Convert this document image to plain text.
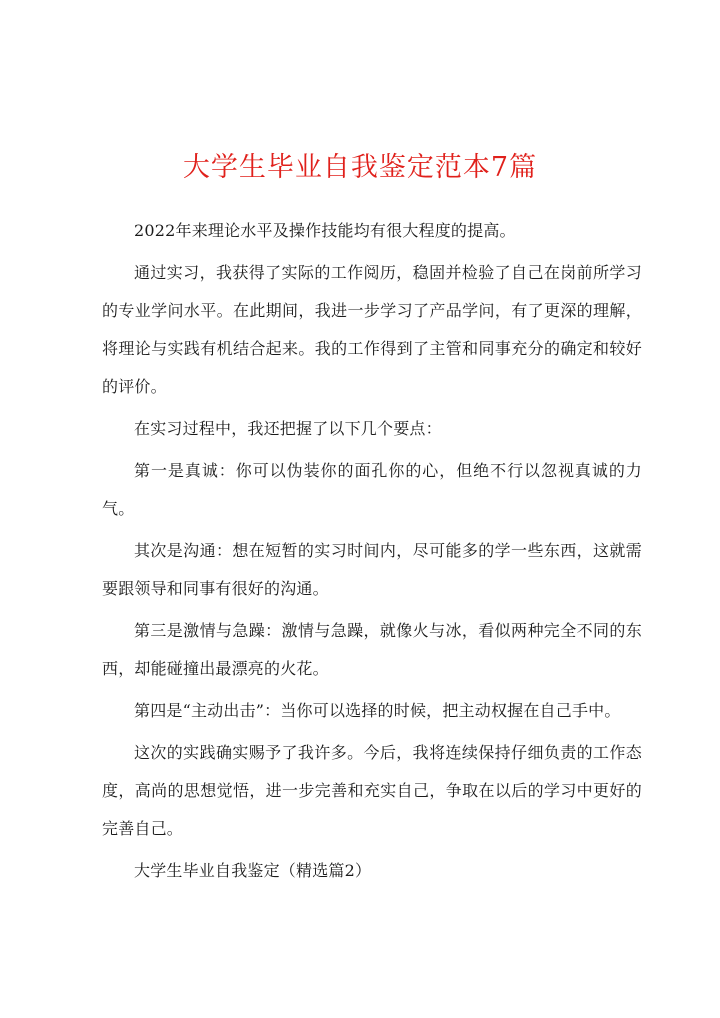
大学生毕业自我鉴定范本7篇

2022年来理论水平及操作技能均有很大程度的提高。

通过实习，我获得了实际的工作阅历，稳固并检验了自己在岗前所学习的专业学问水平。在此期间，我进一步学习了产品学问，有了更深的理解，将理论与实践有机结合起来。我的工作得到了主管和同事充分的确定和较好的评价。

在实习过程中，我还把握了以下几个要点：

第一是真诚：你可以伪装你的面孔你的心，但绝不行以忽视真诚的力气。

其次是沟通：想在短暂的实习时间内，尽可能多的学一些东西，这就需要跟领导和同事有很好的沟通。

第三是激情与急躁：激情与急躁，就像火与冰，看似两种完全不同的东西，却能碰撞出最漂亮的火花。

第四是“主动出击”：当你可以选择的时候，把主动权握在自己手中。

这次的实践确实赐予了我许多。今后，我将连续保持仔细负责的工作态度，高尚的思想觉悟，进一步完善和充实自己，争取在以后的学习中更好的完善自己。

大学生毕业自我鉴定（精选篇2）
